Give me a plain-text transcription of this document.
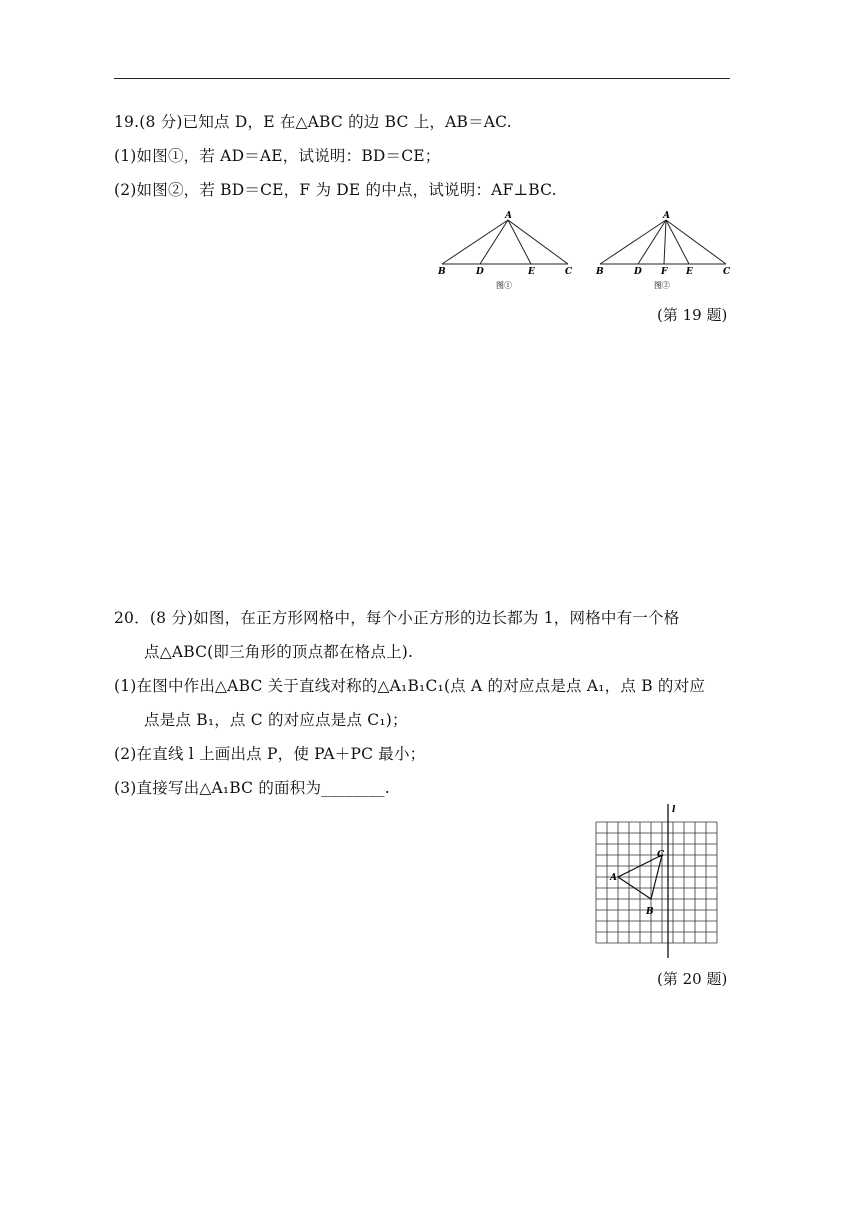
19.(8 分)已知点 D，E 在△ABC 的边 BC 上，AB＝AC.
(1)如图①，若 AD＝AE，试说明：BD＝CE；
(2)如图②，若 BD＝CE，F 为 DE 的中点，试说明：AF⊥BC.
A
B	D	E	C
图①
A
B	D F E	C
图②
(第 19 题)
20．(8 分)如图，在正方形网格中，每个小正方形的边长都为 1，网格中有一个格
点△ABC(即三角形的顶点都在格点上).
(1)在图中作出△ABC 关于直线对称的△A₁B₁C₁(点 A 的对应点是点 A₁，点 B 的对应
点是点 B₁，点 C 的对应点是点 C₁)；
(2)在直线 l 上画出点 P，使 PA＋PC 最小；
(3)直接写出△A₁BC 的面积为________.
l
A
B
C
(第 20 题)
